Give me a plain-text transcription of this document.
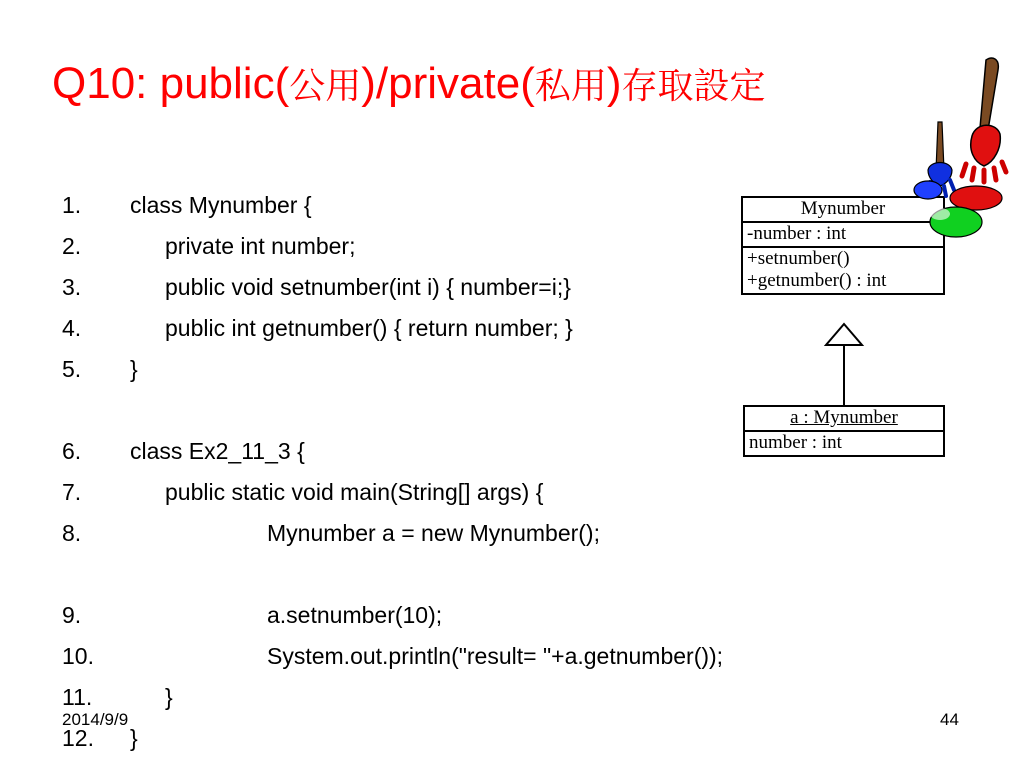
Q10: public(公用)/private(私用)存取設定
1. class Mynumber {
2.	private int number;
3.	public void setnumber(int i) { number=i;}
4.	public int getnumber() { return number; }
5. }
6. class Ex2_11_3 {
7.	public static void main(String[] args) {
8.	Mynumber a = new Mynumber();
9.	a.setnumber(10);
10.	System.out.println("result= "+a.getnumber());
11.	}
12. }
Mynumber
-number : int
+setnumber()
+getnumber() : int
a : Mynumber
number : int
2014/9/9	44
